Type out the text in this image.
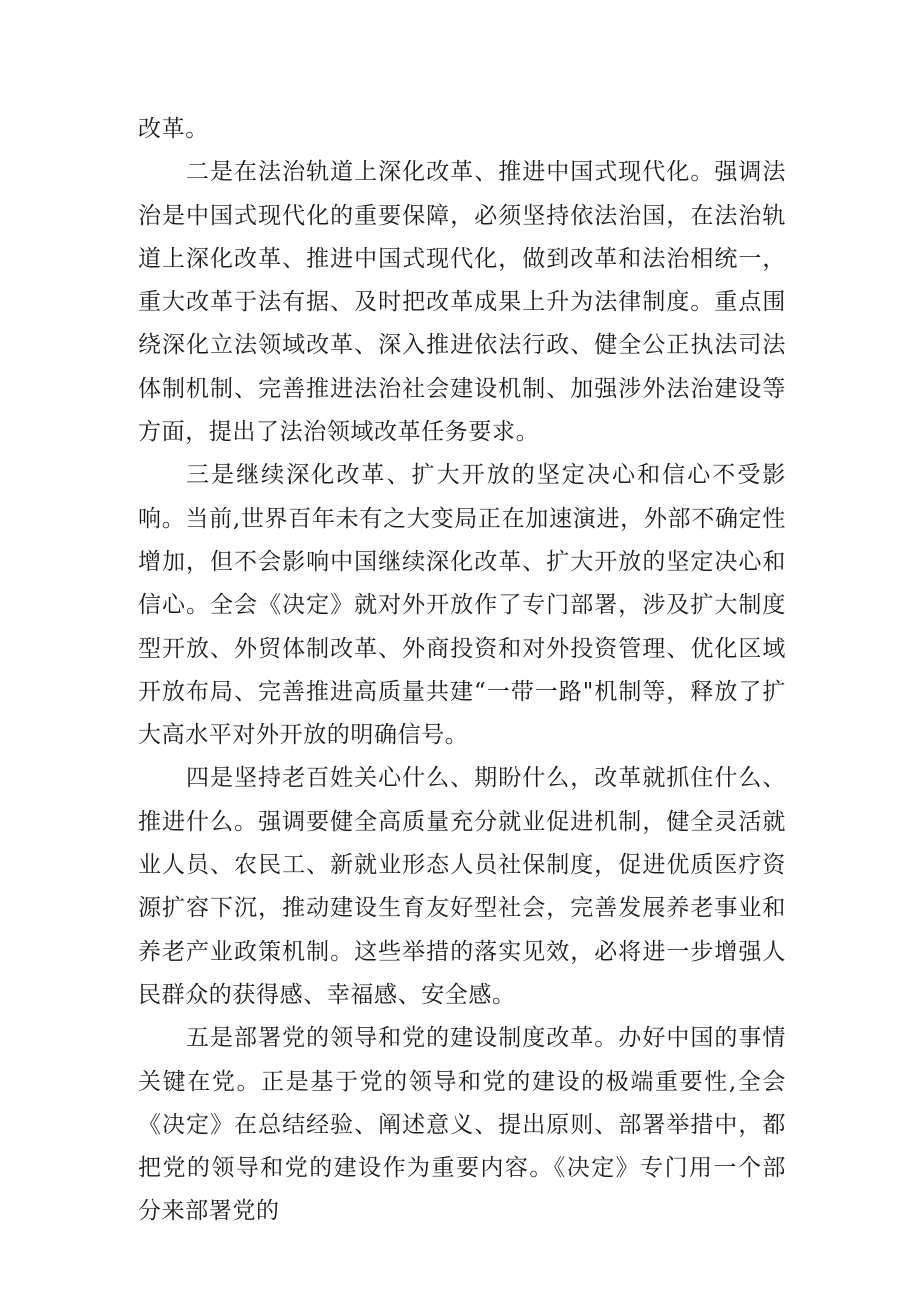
改革。

二是在法治轨道上深化改革、推进中国式现代化。强调法治是中国式现代化的重要保障，必须坚持依法治国，在法治轨道上深化改革、推进中国式现代化，做到改革和法治相统一，重大改革于法有据、及时把改革成果上升为法律制度。重点围绕深化立法领域改革、深入推进依法行政、健全公正执法司法体制机制、完善推进法治社会建设机制、加强涉外法治建设等方面，提出了法治领域改革任务要求。

三是继续深化改革、扩大开放的坚定决心和信心不受影响。当前,世界百年未有之大变局正在加速演进，外部不确定性增加，但不会影响中国继续深化改革、扩大开放的坚定决心和信心。全会《决定》就对外开放作了专门部署，涉及扩大制度型开放、外贸体制改革、外商投资和对外投资管理、优化区域开放布局、完善推进高质量共建“一带一路"机制等，释放了扩大高水平对外开放的明确信号。

四是坚持老百姓关心什么、期盼什么，改革就抓住什么、推进什么。强调要健全高质量充分就业促进机制，健全灵活就业人员、农民工、新就业形态人员社保制度，促进优质医疗资源扩容下沉，推动建设生育友好型社会，完善发展养老事业和养老产业政策机制。这些举措的落实见效，必将进一步增强人民群众的获得感、幸福感、安全感。

五是部署党的领导和党的建设制度改革。办好中国的事情关键在党。正是基于党的领导和党的建设的极端重要性,全会《决定》在总结经验、阐述意义、提出原则、部署举措中，都把党的领导和党的建设作为重要内容。《决定》专门用一个部分来部署党的
